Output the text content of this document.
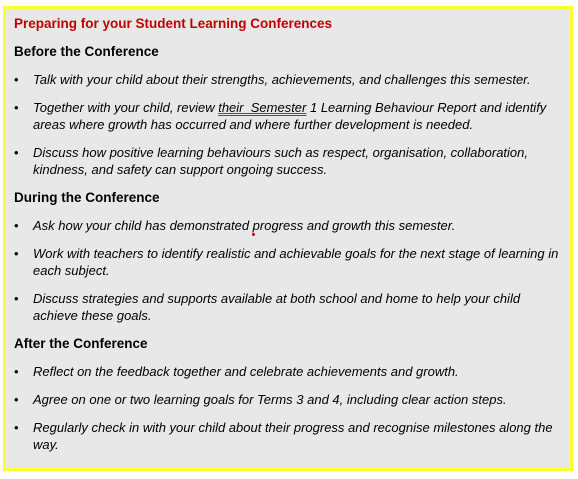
Preparing for your Student Learning Conferences
Before the Conference
• Talk with your child about their strengths, achievements, and challenges this semester.
• Together with your child, review their  Semester 1 Learning Behaviour Report and identify areas where growth has occurred and where further development is needed.
• Discuss how positive learning behaviours such as respect, organisation, collaboration, kindness, and safety can support ongoing success.
During the Conference
• Ask how your child has demonstrated progress and growth this semester.
• Work with teachers to identify realistic and achievable goals for the next stage of learning in each subject.
• Discuss strategies and supports available at both school and home to help your child achieve these goals.
After the Conference
• Reflect on the feedback together and celebrate achievements and growth.
• Agree on one or two learning goals for Terms 3 and 4, including clear action steps.
• Regularly check in with your child about their progress and recognise milestones along the way.
